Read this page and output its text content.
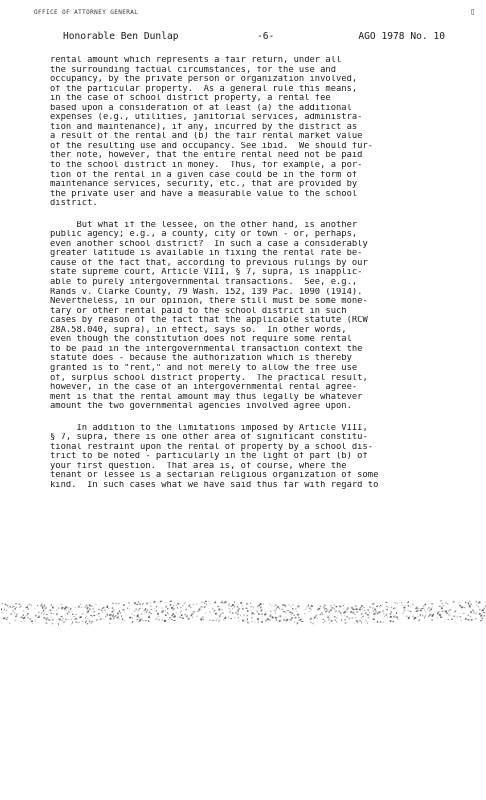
OFFICE OF ATTORNEY GENERAL	▯
Honorable Ben Dunlap	-6-	AGO 1978 No. 10
rental amount which represents a fair return, under all
the surrounding factual circumstances, for the use and
occupancy, by the private person or organization involved,
of the particular property.  As a general rule this means,
in the case of school district property, a rental fee
based upon a consideration of at least (a) the additional
expenses (e.g., utilities, janitorial services, administra-
tion and maintenance), if any, incurred by the district as
a result of the rental and (b) the fair rental market value
of the resulting use and occupancy. See ibid.  We should fur-
ther note, however, that the entire rental need not be paid
to the school district in money.  Thus, for example, a por-
tion of the rental in a given case could be in the form of
maintenance services, security, etc., that are provided by
the private user and have a measurable value to the school
district.
But what if the lessee, on the other hand, is another
public agency; e.g., a county, city or town - or, perhaps,
even another school district?  In such a case a considerably
greater latitude is available in fixing the rental rate be-
cause of the fact that, according to previous rulings by our
state supreme court, Article VIII, § 7, supra, is inapplic-
able to purely intergovernmental transactions.  See, e.g.,
Rands v. Clarke County, 79 Wash. 152, 139 Pac. 1090 (1914).
Nevertheless, in our opinion, there still must be some mone-
tary or other rental paid to the school district in such
cases by reason of the fact that the applicable statute (RCW
28A.58.040, supra), in effect, says so.  In other words,
even though the constitution does not require some rental
to be paid in the intergovernmental transaction context the
statute does - because the authorization which is thereby
granted is to "rent," and not merely to allow the free use
of, surplus school district property.  The practical result,
however, in the case of an intergovernmental rental agree-
ment is that the rental amount may thus legally be whatever
amount the two governmental agencies involved agree upon.
In addition to the limitations imposed by Article VIII,
§ 7, supra, there is one other area of significant constitu-
tional restraint upon the rental of property by a school dis-
trict to be noted - particularly in the light of part (b) of
your first question.  That area is, of course, where the
tenant or lessee is a sectarian religious organization of some
kind.  In such cases what we have said thus far with regard to
